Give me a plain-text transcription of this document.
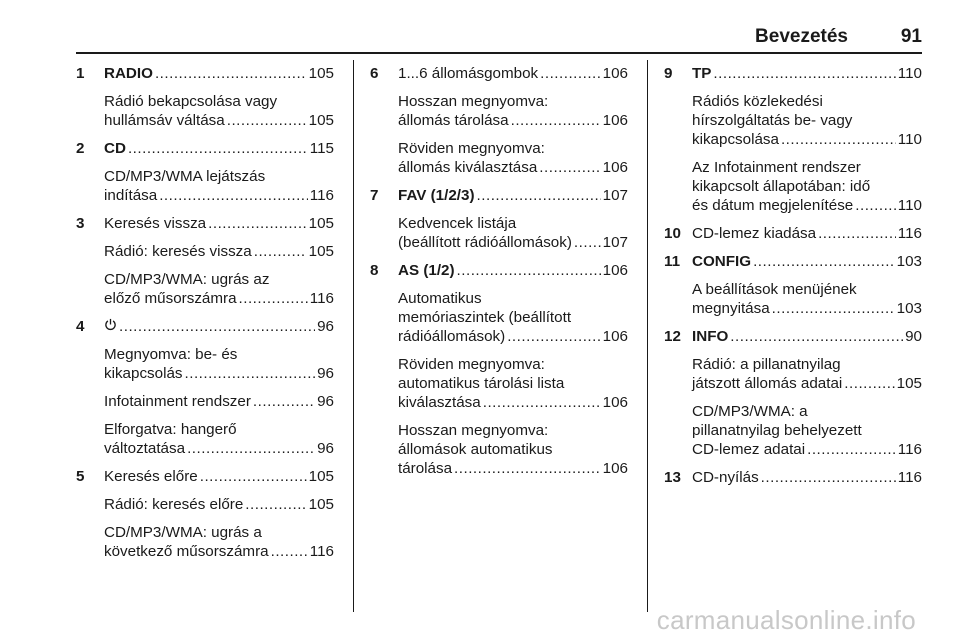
Bevezetés	91
1 RADIO .....	105
Rádió bekapcsolása vagy
hullámsáv váltása .....	105
2 CD .....	115
CD/MP3/WMA lejátszás
indítása .....	116
3 Keresés vissza .....	105
Rádió: keresés vissza .....	105
CD/MP3/WMA: ugrás az
előző műsorszámra .....	116
4 .....	96
Megnyomva: be- és
kikapcsolás .....	96
Infotainment rendszer .....	96
Elforgatva: hangerő
változtatása .....	96
5 Keresés előre .....	105
Rádió: keresés előre .....	105
CD/MP3/WMA: ugrás a
következő műsorszámra .....	116
6 1...6 állomásgombok .....	106
Hosszan megnyomva:
állomás tárolása .....	106
Röviden megnyomva:
állomás kiválasztása .....	106
7 FAV (1/2/3) .....	107
Kedvencek listája
(beállított rádióállomások) ..... 107
8 AS (1/2) .....	106
Automatikus
memóriaszintek (beállított
rádióállomások) .....	106
Röviden megnyomva:
automatikus tárolási lista
kiválasztása .....	106
Hosszan megnyomva:
állomások automatikus
tárolása .....	106
9 TP .....	110
Rádiós közlekedési
hírszolgáltatás be- vagy
kikapcsolása .....	110
Az Infotainment rendszer
kikapcsolt állapotában: idő
és dátum megjelenítése .....	110
10 CD-lemez kiadása .....	116
11 CONFIG .....	103
A beállítások menüjének
megnyitása .....	103
12 INFO .....	90
Rádió: a pillanatnyilag
játszott állomás adatai .....	105
CD/MP3/WMA: a
pillanatnyilag behelyezett
CD-lemez adatai .....	116
13 CD-nyílás .....	116
carmanualsonline.info
